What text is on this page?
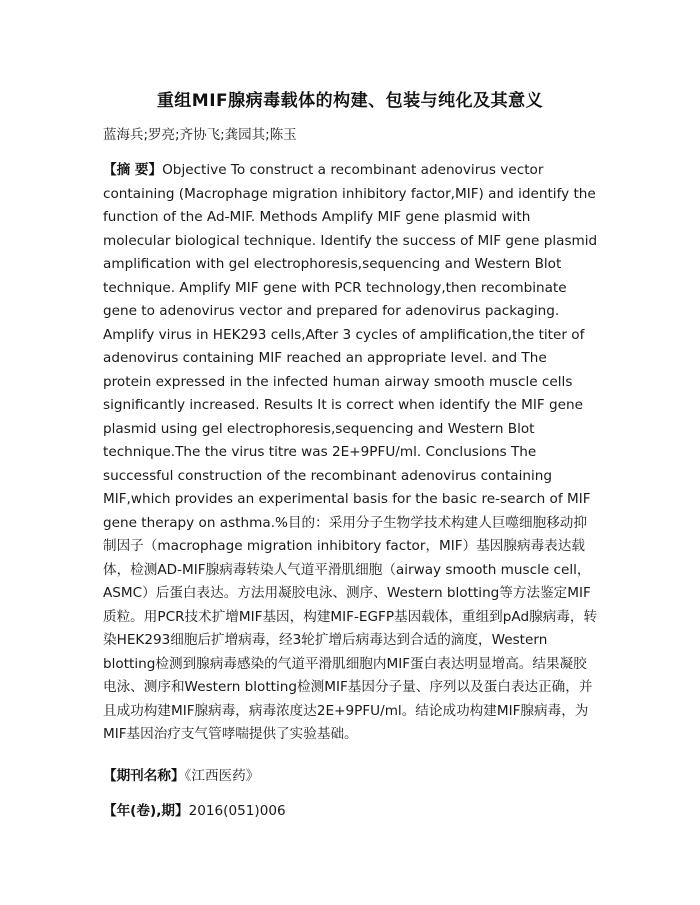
重组MIF腺病毒载体的构建、包装与纯化及其意义
蓝海兵;罗亮;齐协飞;龚园其;陈玉

【摘 要】Objective To construct a recombinant adenovirus vector containing (Macrophage migration inhibitory factor,MIF) and identify the function of the Ad-MIF. Methods Amplify MIF gene plasmid with molecular biological technique. Identify the success of MIF gene plasmid amplification with gel electrophoresis,sequencing and Western Blot technique. Amplify MIF gene with PCR technology,then recombinate gene to adenovirus vector and prepared for adenovirus packaging. Amplify virus in HEK293 cells,After 3 cycles of amplification,the titer of adenovirus containing MIF reached an appropriate level. and The protein expressed in the infected human airway smooth muscle cells significantly increased. Results It is correct when identify the MIF gene plasmid using gel electrophoresis,sequencing and Western Blot technique.The the virus titre was 2E+9PFU/ml. Conclusions The successful construction of the recombinant adenovirus containing MIF,which provides an experimental basis for the basic re-search of MIF gene therapy on asthma.%目的：采用分子生物学技术构建人巨噬细胞移动抑制因子（macrophage migration inhibitory factor，MIF）基因腺病毒表达载体，检测AD-MIF腺病毒转染人气道平滑肌细胞（airway smooth muscle cell，ASMC）后蛋白表达。方法用凝胶电泳、测序、Western blotting等方法鉴定MIF质粒。用PCR技术扩增MIF基因，构建MIF-EGFP基因载体，重组到pAd腺病毒，转染HEK293细胞后扩增病毒，经3轮扩增后病毒达到合适的滴度，Western blotting检测到腺病毒感染的气道平滑肌细胞内MIF蛋白表达明显增高。结果凝胶电泳、测序和Western blotting检测MIF基因分子量、序列以及蛋白表达正确，并且成功构建MIF腺病毒，病毒浓度达2E+9PFU/ml。结论成功构建MIF腺病毒，为MIF基因治疗支气管哮喘提供了实验基础。

【期刊名称】《江西医药》
【年(卷),期】2016(051)006
